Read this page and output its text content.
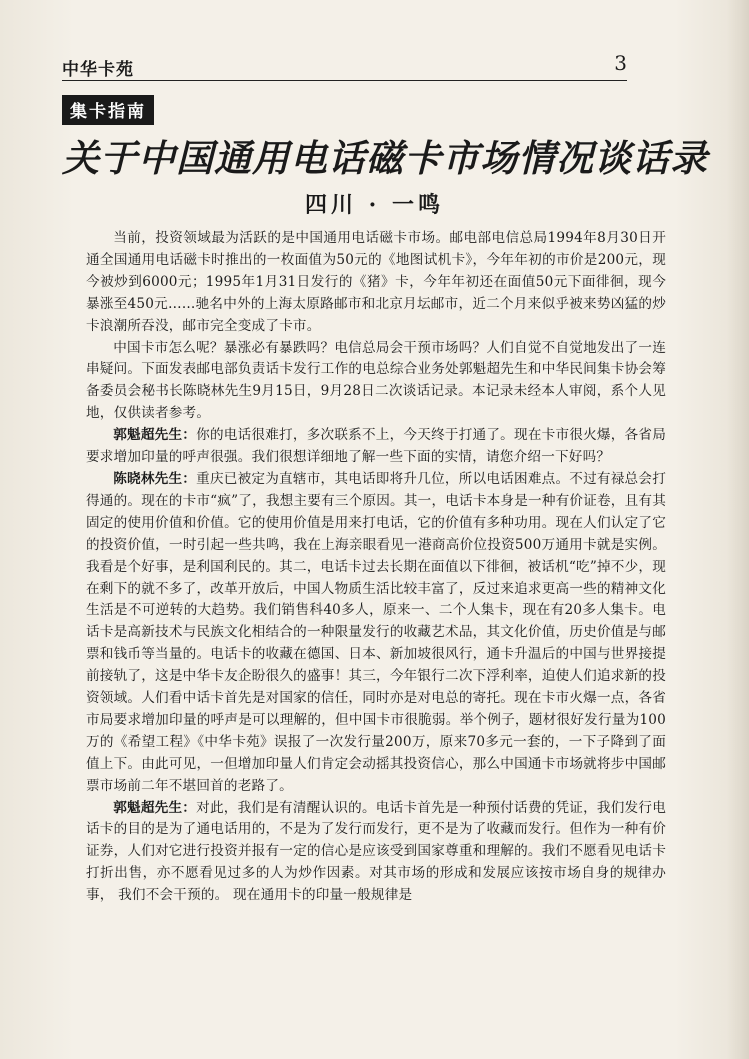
中华卡苑	3
集卡指南
关于中国通用电话磁卡市场情况谈话录
四川 · 一鸣

当前，投资领域最为活跃的是中国通用电话磁卡市场。邮电部电信总局1994年8月30日开通全国通用电话磁卡时推出的一枚面值为50元的《地图试机卡》，今年年初的市价是200元，现今被炒到6000元；1995年1月31日发行的《猪》卡，今年年初还在面值50元下面徘徊，现今暴涨至450元……驰名中外的上海太原路邮市和北京月坛邮市，近二个月来似乎被来势凶猛的炒卡浪潮所吞没，邮市完全变成了卡市。

中国卡市怎么呢？暴涨必有暴跌吗？电信总局会干预市场吗？人们自觉不自觉地发出了一连串疑问。下面发表邮电部负责话卡发行工作的电总综合业务处郭魁超先生和中华民间集卡协会筹备委员会秘书长陈晓林先生9月15日，9月28日二次谈话记录。本记录未经本人审阅，系个人见地，仅供读者参考。

郭魁超先生：你的电话很难打，多次联系不上，今天终于打通了。现在卡市很火爆，各省局要求增加印量的呼声很强。我们很想详细地了解一些下面的实情，请您介绍一下好吗？

陈晓林先生：重庆已被定为直辖市，其电话即将升几位，所以电话困难点。不过有禄总会打得通的。现在的卡市“疯”了，我想主要有三个原因。其一，电话卡本身是一种有价证卷，且有其固定的使用价值和价值。它的使用价值是用来打电话，它的价值有多种功用。现在人们认定了它的投资价值，一时引起一些共鸣，我在上海亲眼看见一港商高价位投资500万通用卡就是实例。我看是个好事，是利国利民的。其二，电话卡过去长期在面值以下徘徊，被话机“吃”掉不少，现在剩下的就不多了，改革开放后，中国人物质生活比较丰富了，反过来追求更高一些的精神文化生活是不可逆转的大趋势。我们销售科40多人，原来一、二个人集卡，现在有20多人集卡。电话卡是高新技术与民族文化相结合的一种限量发行的收藏艺术品，其文化价值，历史价值是与邮票和钱币等当量的。电话卡的收藏在德国、日本、新加坡很风行，通卡升温后的中国与世界接提前接轨了，这是中华卡友企盼很久的盛事！其三，今年银行二次下浮利率，迫使人们追求新的投资领域。人们看中话卡首先是对国家的信任，同时亦是对电总的寄托。现在卡市火爆一点，各省市局要求增加印量的呼声是可以理解的，但中国卡市很脆弱。举个例子，题材很好发行量为100万的《希望工程》《中华卡苑》误报了一次发行量200万，原来70多元一套的，一下子降到了面值上下。由此可见，一但增加印量人们肯定会动摇其投资信心，那么中国通卡市场就将步中国邮票市场前二年不堪回首的老路了。

郭魁超先生：对此，我们是有清醒认识的。电话卡首先是一种预付话费的凭证，我们发行电话卡的目的是为了通电话用的，不是为了发行而发行，更不是为了收藏而发行。但作为一种有价证券，人们对它进行投资并报有一定的信心是应该受到国家尊重和理解的。我们不愿看见电话卡打折出售，亦不愿看见过多的人为炒作因素。对其市场的形成和发展应该按市场自身的规律办事， 我们不会干预的。 现在通用卡的印量一般规律是
